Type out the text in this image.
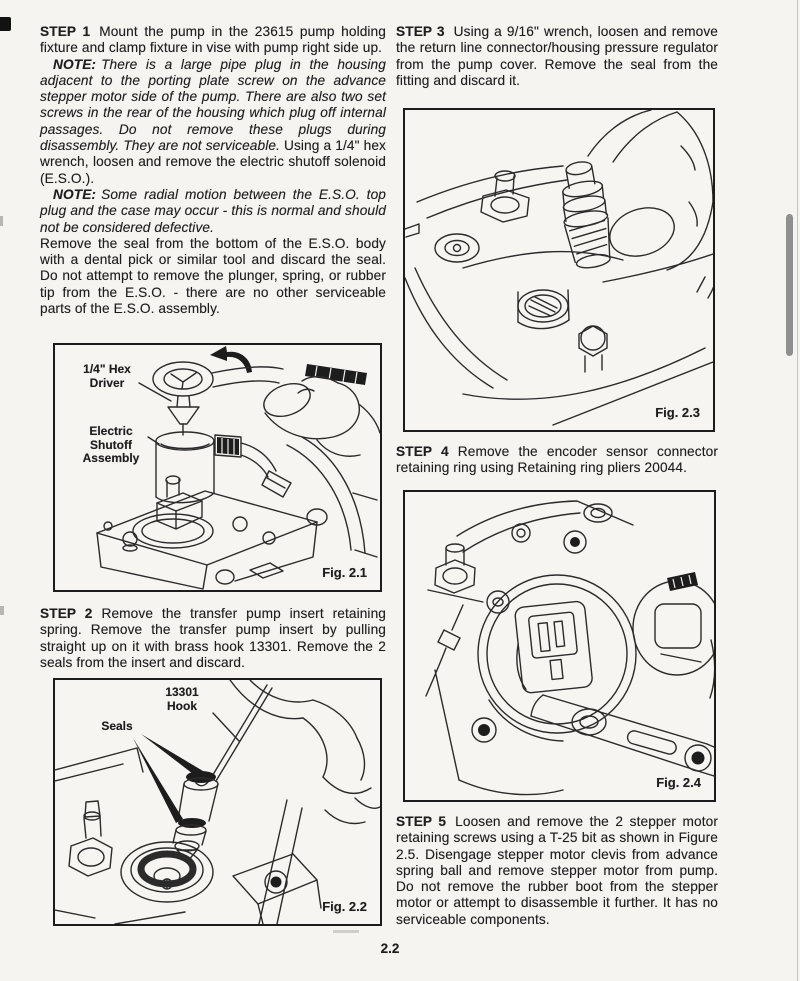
STEP 1 Mount the pump in the 23615 pump holding fixture and clamp fixture in vise with pump right side up.

NOTE: There is a large pipe plug in the housing adjacent to the porting plate screw on the advance stepper motor side of the pump. There are also two set screws in the rear of the housing which plug off internal passages. Do not remove these plugs during disassembly. They are not serviceable. Using a 1/4" hex wrench, loosen and remove the electric shutoff solenoid (E.S.O.).

NOTE: Some radial motion between the E.S.O. top plug and the case may occur - this is normal and should not be considered defective.

Remove the seal from the bottom of the E.S.O. body with a dental pick or similar tool and discard the seal. Do not attempt to remove the plunger, spring, or rubber tip from the E.S.O. - there are no other serviceable parts of the E.S.O. assembly.

1/4" Hex
Driver
Electric
Shutoff
Assembly
Fig. 2.1

STEP 2 Remove the transfer pump insert retaining spring. Remove the transfer pump insert by pulling straight up on it with brass hook 13301. Remove the 2 seals from the insert and discard.

13301
Hook
Seals
Fig. 2.2

STEP 3 Using a 9/16" wrench, loosen and remove the return line connector/housing pressure regulator from the pump cover. Remove the seal from the fitting and discard it.

Fig. 2.3

STEP 4 Remove the encoder sensor connector retaining ring using Retaining ring pliers 20044.

Fig. 2.4

STEP 5 Loosen and remove the 2 stepper motor retaining screws using a T-25 bit as shown in Figure 2.5. Disengage stepper motor clevis from advance spring ball and remove stepper motor from pump. Do not remove the rubber boot from the stepper motor or attempt to disassemble it further. It has no serviceable components.

2.2
